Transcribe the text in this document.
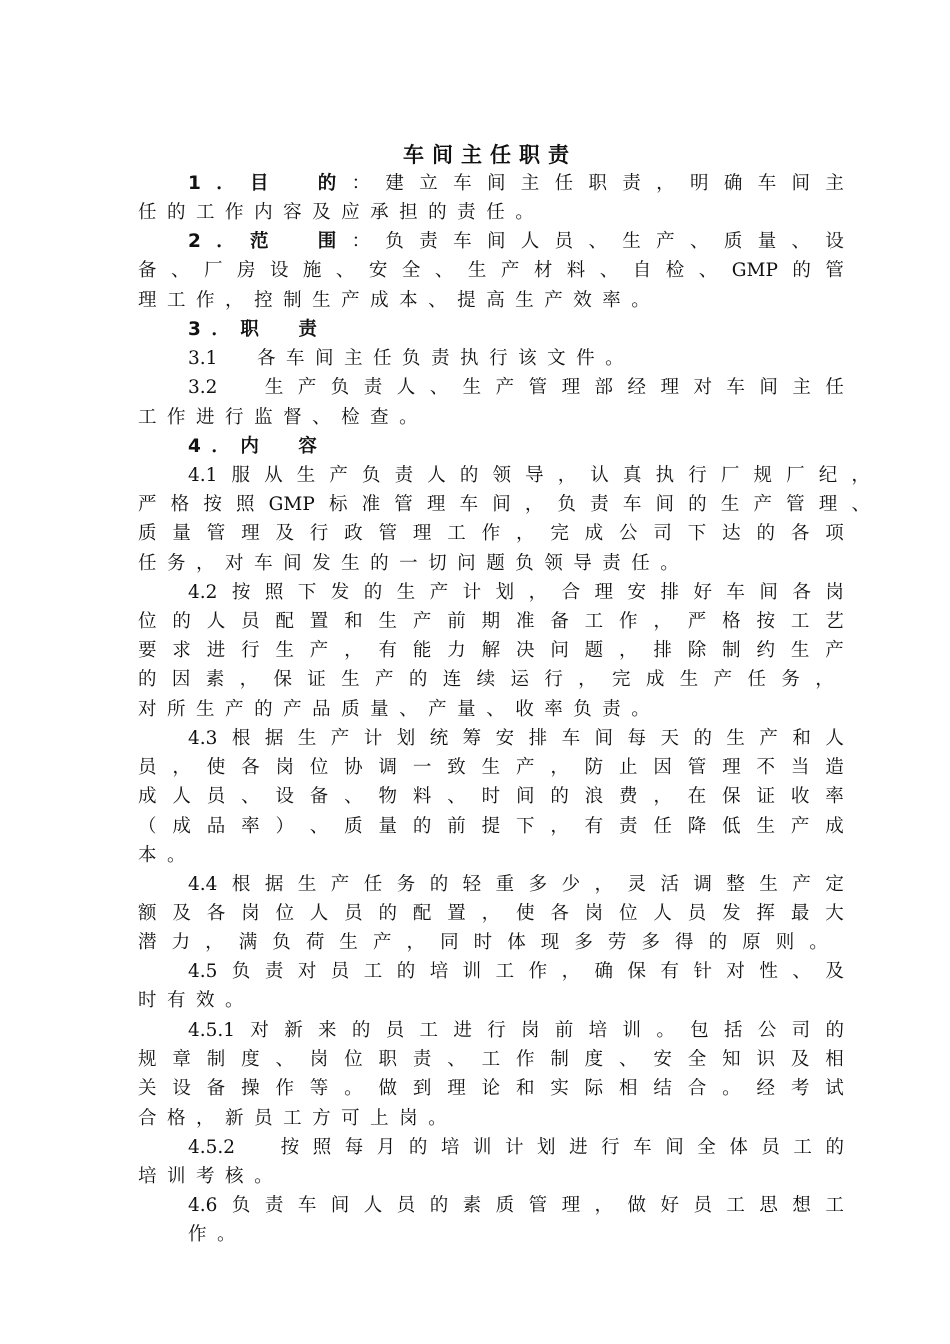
车间主任职责
1 ． 目
　	的 ： 建 立 车 间 主 任 职 责 ， 明 确 车 间 主
任 的 工 作 内 容 及 应 承 担 的 责 任 。
2 ． 范
　	围 ： 负 责 车 间 人 员 、 生 产 、 质 量 、 设
备 、 厂 房 设 施 、 安 全 、 生 产 材 料 、 自 检 、 GMP 的 管
理 工 作 ， 控 制 生 产 成 本 、 提 高 生 产 效 率 。
3 ． 职
　 责
3.1
　 各 车 间 主 任 负 责 执 行 该 文 件 。
3.2
　	生 产 负 责 人 、 生 产 管 理 部 经 理 对 车 间 主 任
工 作 进 行 监 督 、 检 查 。
4 ． 内
　 容
4.1 服 从 生 产 负 责 人 的 领 导 ， 认 真 执 行 厂 规 厂 纪 ，
严 格 按 照 GMP 标 准 管 理 车 间 ， 负 责 车 间 的 生 产 管 理 、
质 量 管 理 及 行 政 管 理 工 作 ， 完 成 公 司 下 达 的 各 项
任 务 ， 对 车 间 发 生 的 一 切 问 题 负 领 导 责 任 。
4.2 按 照 下 发 的 生 产 计 划 ， 合 理 安 排 好 车 间 各 岗
位 的 人 员 配 置 和 生 产 前 期 准 备 工 作 ， 严 格 按 工 艺
要 求 进 行 生 产 ， 有 能 力 解 决 问 题 ， 排 除 制 约 生 产
的 因 素 ， 保 证 生 产 的 连 续 运 行 ， 完 成 生 产 任 务 ，
对 所 生 产 的 产 品 质 量 、 产 量 、 收 率 负 责 。
4.3 根 据 生 产 计 划 统 筹 安 排 车 间 每 天 的 生 产 和 人
员 ， 使 各 岗 位 协 调 一 致 生 产 ， 防 止 因 管 理 不 当 造
成 人 员 、 设 备 、 物 料 、 时 间 的 浪 费 ， 在 保 证 收 率
（ 成 品 率 ） 、 质 量 的 前 提 下 ， 有 责 任 降 低 生 产 成
本 。
4.4 根 据 生 产 任 务 的 轻 重 多 少 ， 灵 活 调 整 生 产 定
额 及 各 岗 位 人 员 的 配 置 ， 使 各 岗 位 人 员 发 挥 最 大
潜 力 ， 满 负 荷 生 产 ， 同 时 体 现 多 劳 多 得 的 原 则 。
4.5 负 责 对 员 工 的 培 训 工 作 ， 确 保 有 针 对 性 、 及
时 有 效 。
4.5.1 对 新 来 的 员 工 进 行 岗 前 培 训 。 包 括 公 司 的
规 章 制 度 、 岗 位 职 责 、 工 作 制 度 、 安 全 知 识 及 相
关 设 备 操 作 等 。 做 到 理 论 和 实 际 相 结 合 。 经 考 试
合 格 ， 新 员 工 方 可 上 岗 。
4.5.2
　 按 照 每 月 的 培 训 计 划 进 行 车 间 全 体 员 工 的
培 训 考 核 。
4.6 负 责 车 间 人 员 的 素 质 管 理 ， 做 好 员 工 思 想 工
作 。
